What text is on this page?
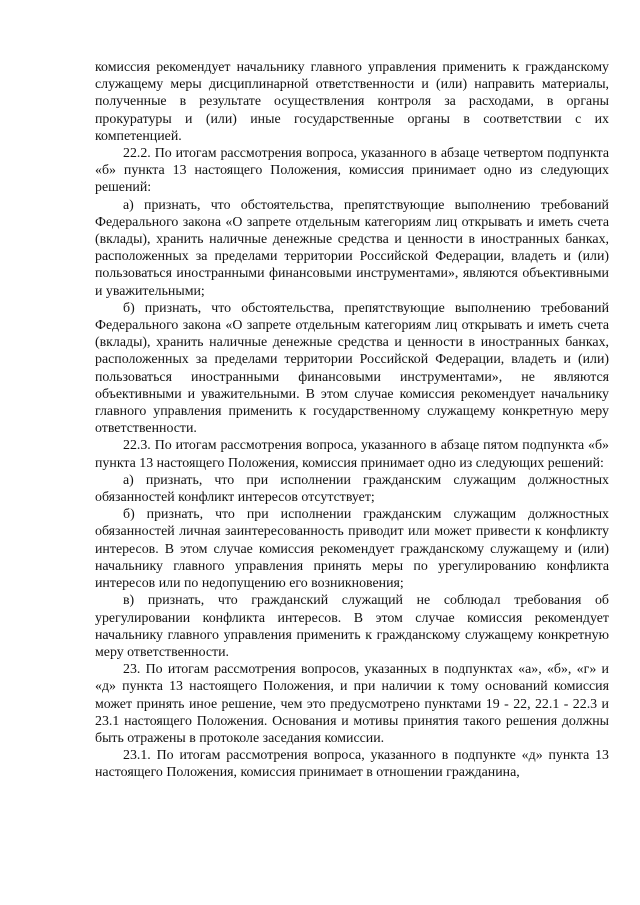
комиссия рекомендует начальнику главного управления применить к гражданскому служащему меры дисциплинарной ответственности и (или) направить материалы, полученные в результате осуществления контроля за расходами, в органы прокуратуры и (или) иные государственные органы в соответствии с их компетенцией.

22.2. По итогам рассмотрения вопроса, указанного в абзаце четвертом подпункта «б» пункта 13 настоящего Положения, комиссия принимает одно из следующих решений:

а) признать, что обстоятельства, препятствующие выполнению требований Федерального закона «О запрете отдельным категориям лиц открывать и иметь счета (вклады), хранить наличные денежные средства и ценности в иностранных банках, расположенных за пределами территории Российской Федерации, владеть и (или) пользоваться иностранными финансовыми инструментами», являются объективными и уважительными;

б) признать, что обстоятельства, препятствующие выполнению требований Федерального закона «О запрете отдельным категориям лиц открывать и иметь счета (вклады), хранить наличные денежные средства и ценности в иностранных банках, расположенных за пределами территории Российской Федерации, владеть и (или) пользоваться иностранными финансовыми инструментами», не являются объективными и уважительными. В этом случае комиссия рекомендует начальнику главного управления применить к государственному служащему конкретную меру ответственности.

22.3. По итогам рассмотрения вопроса, указанного в абзаце пятом подпункта «б» пункта 13 настоящего Положения, комиссия принимает одно из следующих решений:

а) признать, что при исполнении гражданским служащим должностных обязанностей конфликт интересов отсутствует;

б) признать, что при исполнении гражданским служащим должностных обязанностей личная заинтересованность приводит или может привести к конфликту интересов. В этом случае комиссия рекомендует гражданскому служащему и (или) начальнику главного управления принять меры по урегулированию конфликта интересов или по недопущению его возникновения;

в) признать, что гражданский служащий не соблюдал требования об урегулировании конфликта интересов. В этом случае комиссия рекомендует начальнику главного управления применить к гражданскому служащему конкретную меру ответственности.

23. По итогам рассмотрения вопросов, указанных в подпунктах «а», «б», «г» и «д» пункта 13 настоящего Положения, и при наличии к тому оснований комиссия может принять иное решение, чем это предусмотрено пунктами 19 - 22, 22.1 - 22.3 и 23.1 настоящего Положения. Основания и мотивы принятия такого решения должны быть отражены в протоколе заседания комиссии.

23.1. По итогам рассмотрения вопроса, указанного в подпункте «д» пункта 13 настоящего Положения, комиссия принимает в отношении гражданина,
